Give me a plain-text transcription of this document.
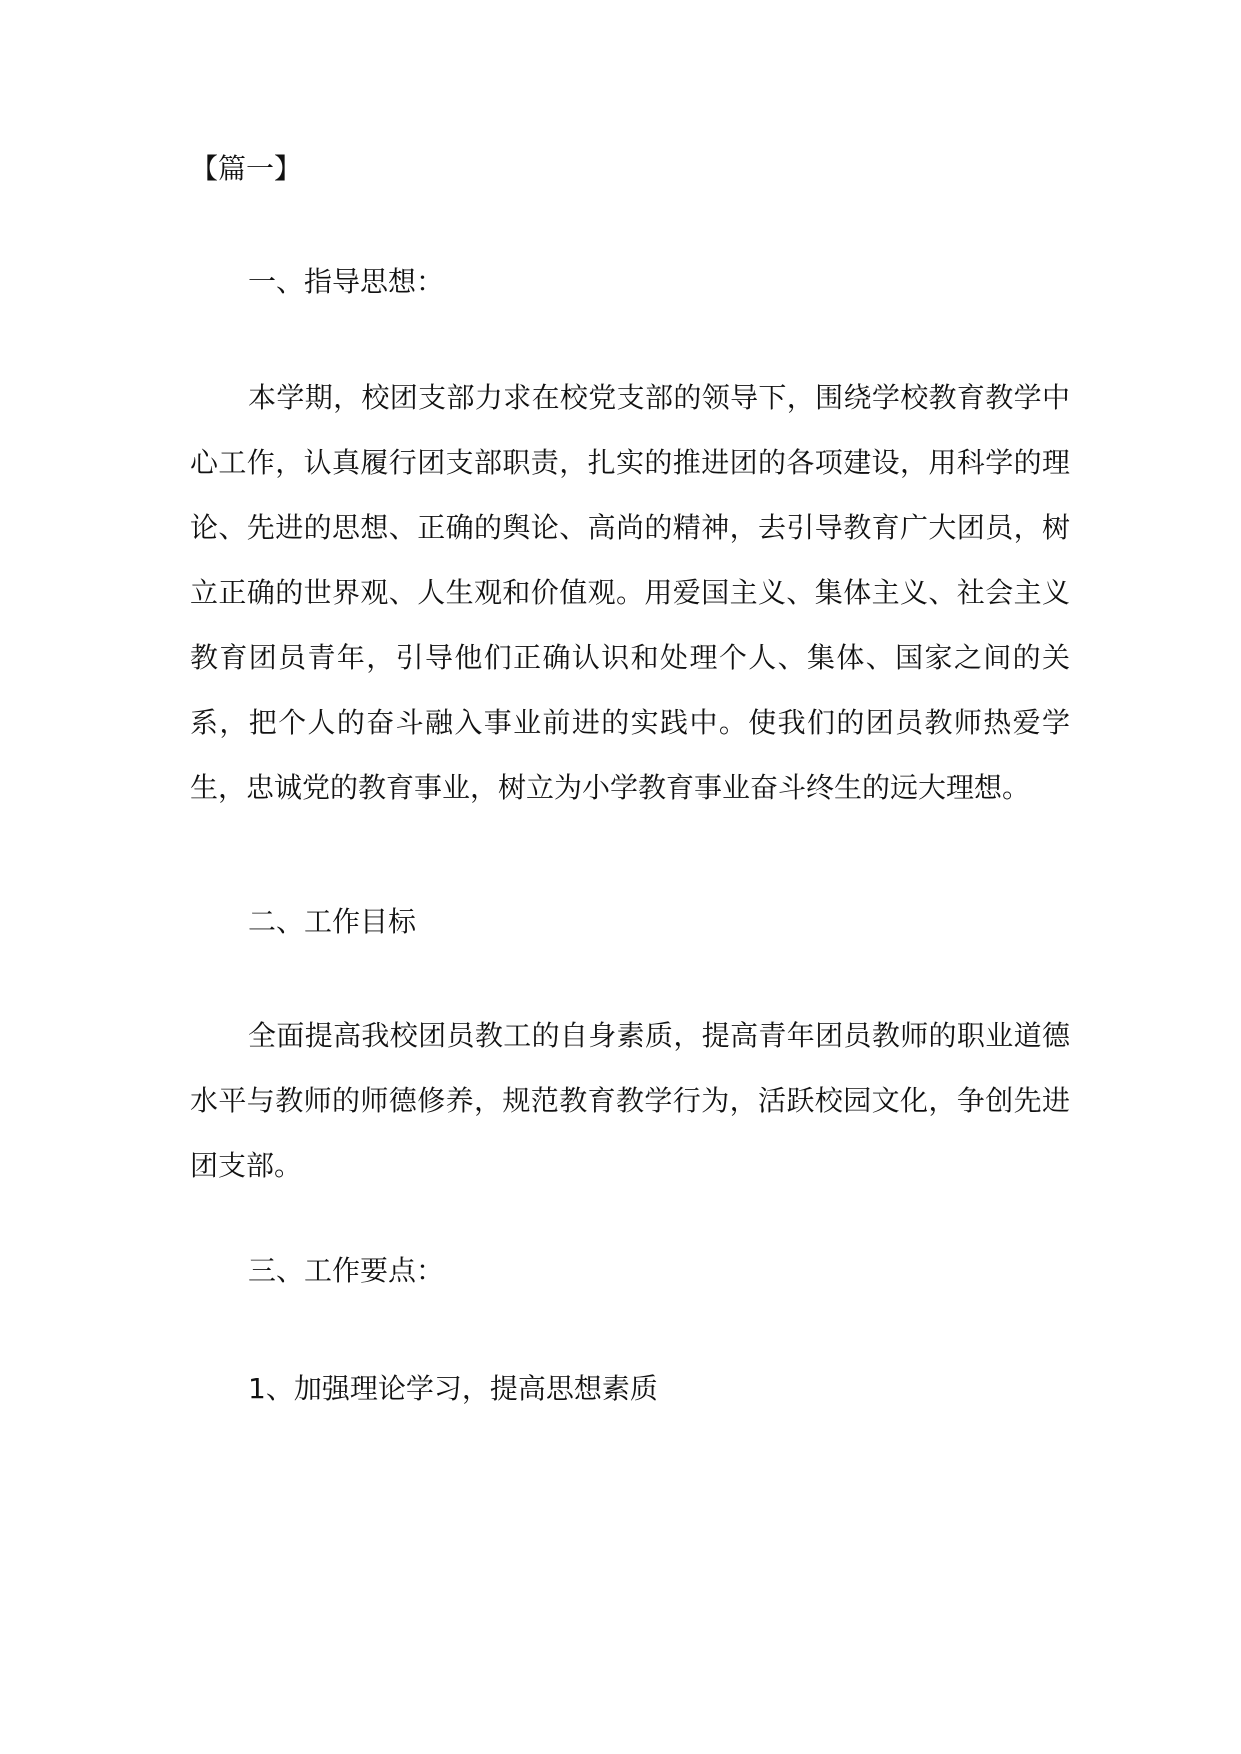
【篇一】

一、指导思想：

本学期，校团支部力求在校党支部的领导下，围绕学校教育教学中心工作，认真履行团支部职责，扎实的推进团的各项建设，用科学的理论、先进的思想、正确的舆论、高尚的精神，去引导教育广大团员，树立正确的世界观、人生观和价值观。用爱国主义、集体主义、社会主义教育团员青年，引导他们正确认识和处理个人、集体、国家之间的关系，把个人的奋斗融入事业前进的实践中。使我们的团员教师热爱学生，忠诚党的教育事业，树立为小学教育事业奋斗终生的远大理想。

二、工作目标

全面提高我校团员教工的自身素质，提高青年团员教师的职业道德水平与教师的师德修养，规范教育教学行为，活跃校园文化，争创先进团支部。

三、工作要点：

1、加强理论学习，提高思想素质
